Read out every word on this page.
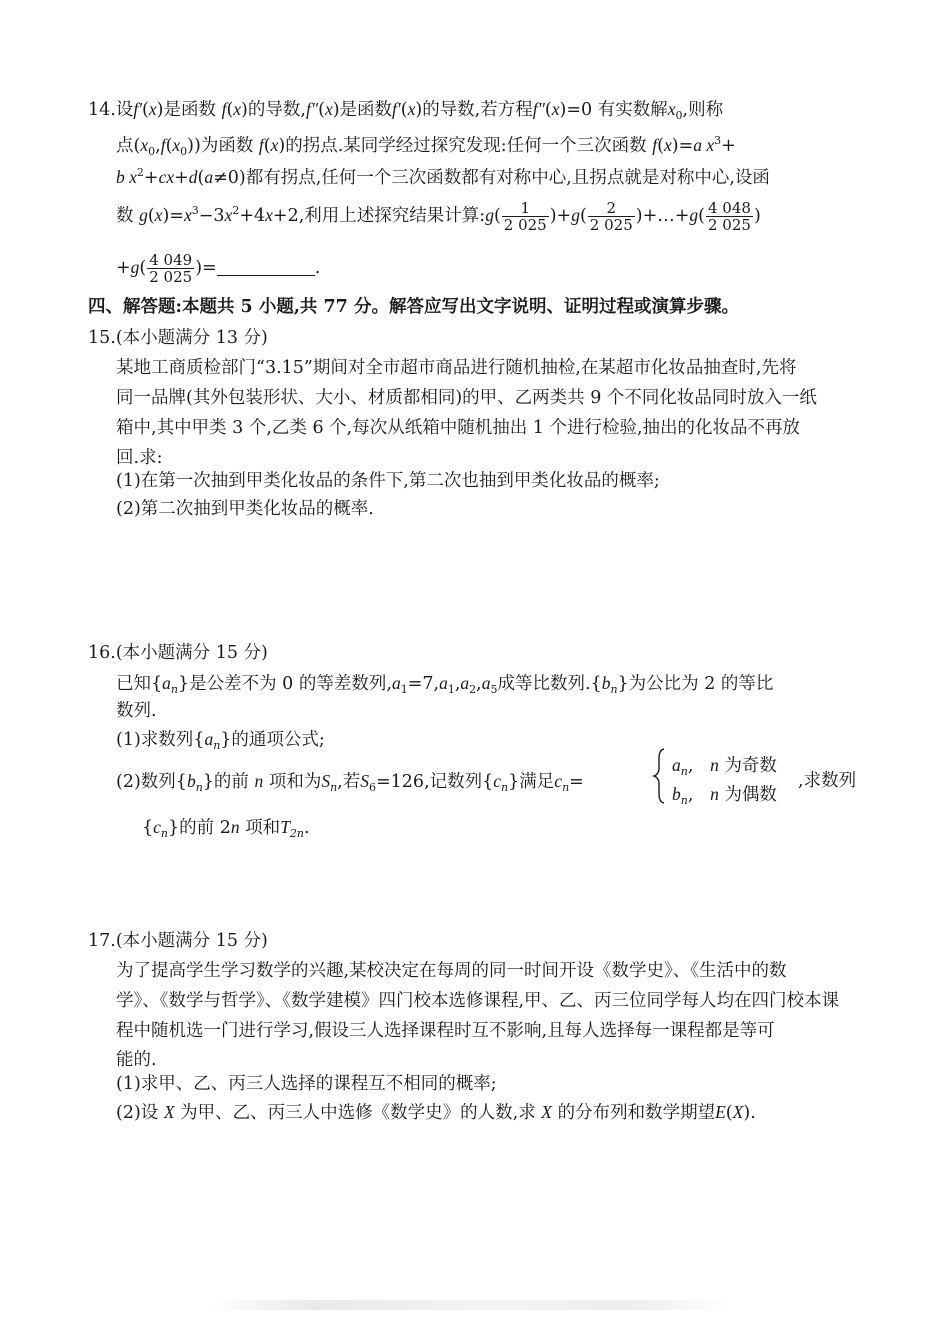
14.设f′(x)是函数 f(x)的导数,f″(x)是函数f′(x)的导数,若方程f″(x)=0 有实数解$x_0$,则称
点$(x_0,f(x_0))$为函数 f(x)的拐点.某同学经过探究发现:任何一个三次函数 f(x)=a $x^3+$
b $x^2+cx+d(a\ne 0)$都有拐点,任何一个三次函数都有对称中心,且拐点就是对称中心,设函
数 $g(x)=x^3-3x^2+4x+2$,利用上述探究结果计算:g( $\frac{1}{2 025} )+g( \frac{2}{2 025}$ )+…+g( $\frac{4 048}{2 025}$ )
$+g( \frac{4 049}{2 025}$ )=	.
四、解答题:本题共 5 小题,共 77 分。解答应写出文字说明、证明过程或演算步骤。
15.(本小题满分 13 分)
某地工商质检部门“3.15”期间对全市超市商品进行随机抽检,在某超市化妆品抽查时,先将
同一品牌(其外包装形状、大小、材质都相同)的甲、乙两类共 9 个不同化妆品同时放入一纸
箱中,其中甲类 3 个,乙类 6 个,每次从纸箱中随机抽出 1 个进行检验,抽出的化妆品不再放
回.求:
(1)在第一次抽到甲类化妆品的条件下,第二次也抽到甲类化妆品的概率;
(2)第二次抽到甲类化妆品的概率.
16.(本小题满分 15 分)
已知$\{a_n\}$是公差不为 0 的等差数列$,a_1=7,a_1,a_2,a_5$成等比数列$.\{b_n\}$为公比为 2 的等比
数列.
(1)求数列$\{a_n\}$的通项公式;
(2)数列$\{b_n\}$的前 n 项和为$S_n$,若$S_6=126$,记数列$\{c_n\}$满足$c_n=$
$a_n$,   n 为奇数
$b_n$,   n 为偶数
,求数列
$\{c_n\}$的前 2n 项和$T_{2n}$.
17.(本小题满分 15 分)
为了提高学生学习数学的兴趣,某校决定在每周的同一时间开设《数学史》、《生活中的数
学》、《数学与哲学》、《数学建模》四门校本选修课程,甲、乙、丙三位同学每人均在四门校本课
程中随机选一门进行学习,假设三人选择课程时互不影响,且每人选择每一课程都是等可
能的.
(1)求甲、乙、丙三人选择的课程互不相同的概率;
(2)设 X 为甲、乙、丙三人中选修《数学史》的人数,求 X 的分布列和数学期望E(X).
